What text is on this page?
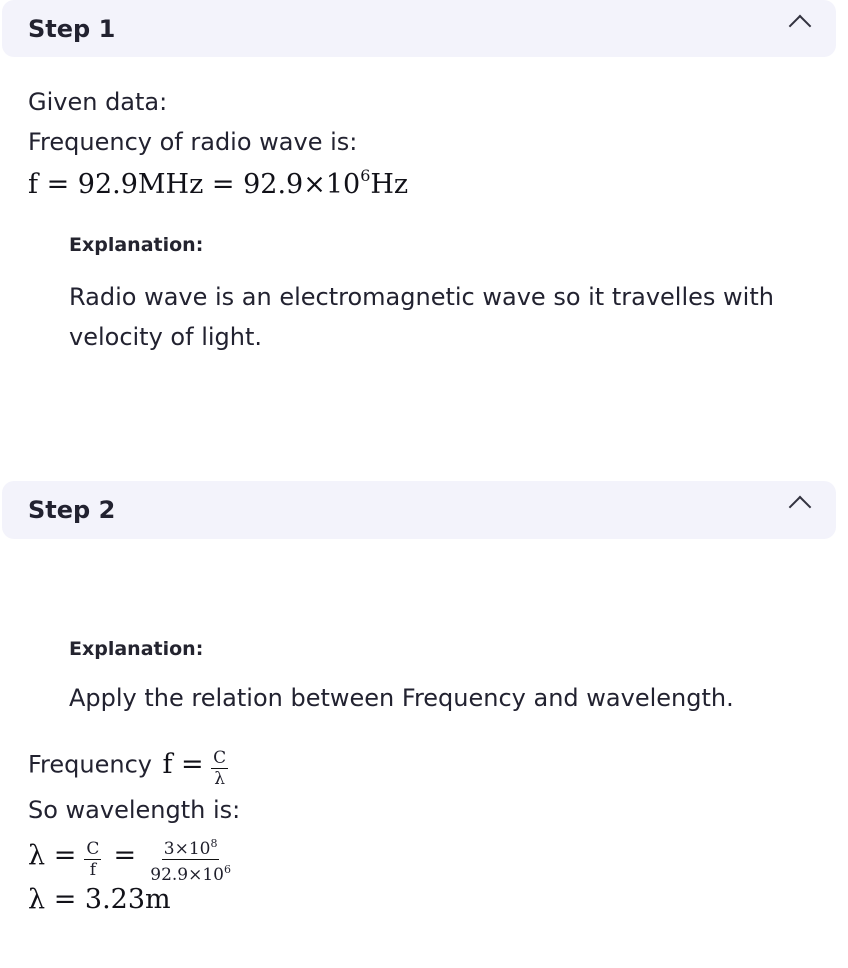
Step 1
Given data:
Frequency of radio wave is:
$f = 92.9MHz = 92.9\times 10^6Hz$
Explanation:
Radio wave is an electromagnetic wave so it travelles with velocity of light.
Step 2
Explanation:
Apply the relation between Frequency and wavelength.
Frequency $f = \frac{C}{\lambda}$
So wavelength is:
$\lambda = \frac{C}{f} = \frac{3\times 10^8}{92.9\times 10^6}$
λ = 3.23m
